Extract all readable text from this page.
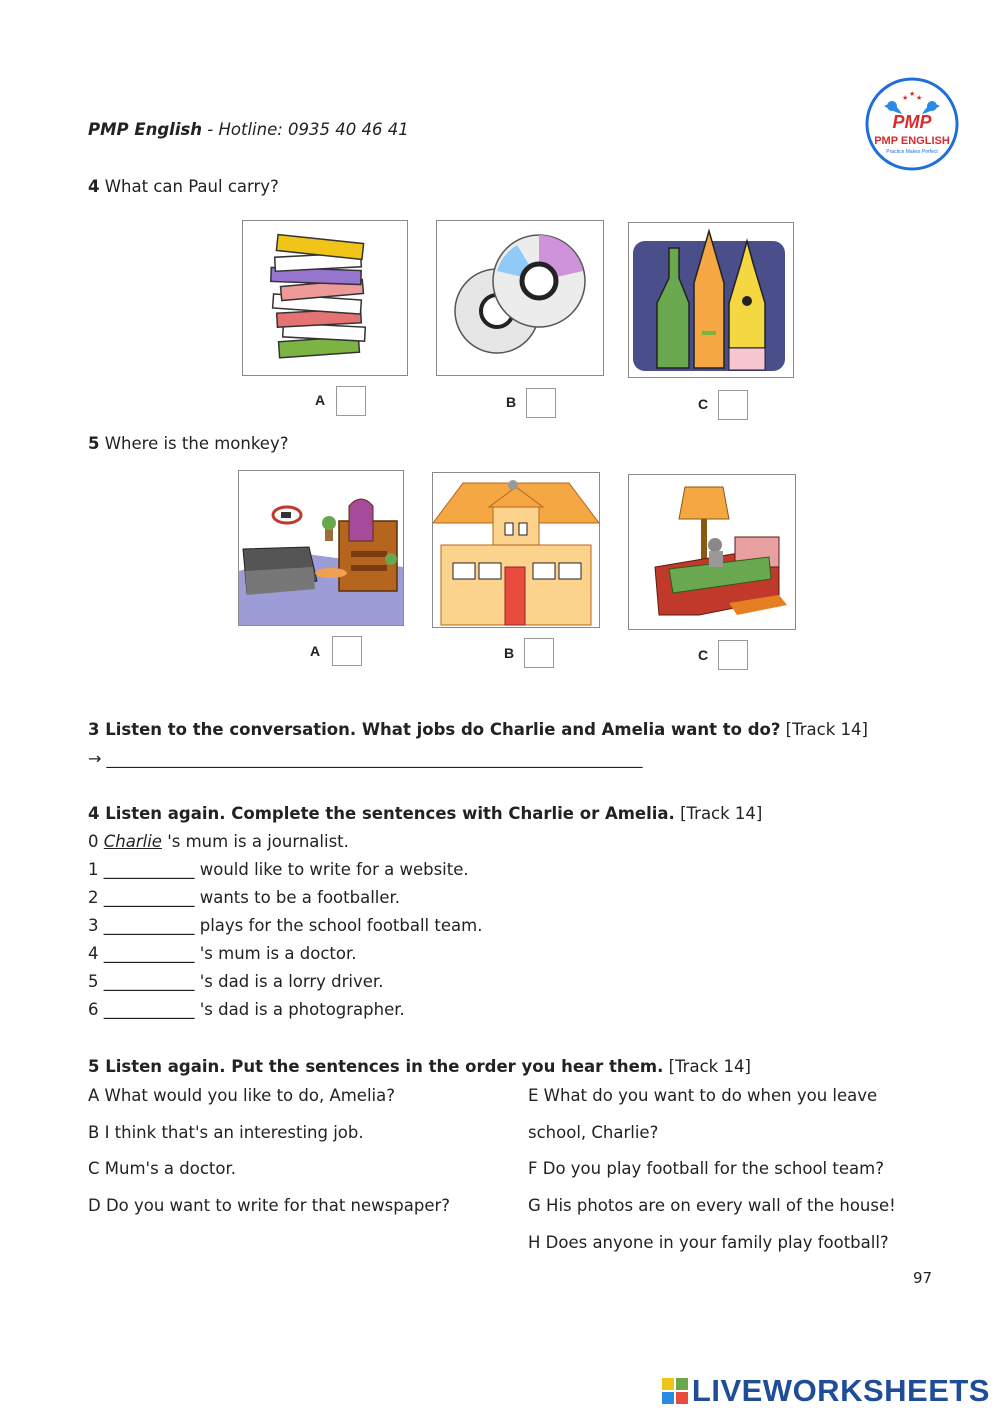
PMP English - Hotline: 0935 40 46 41
★ ★ ★
PMP
PMP ENGLISH
Practice Makes Perfect
4 What can Paul carry?
A	B	C
5 Where is the monkey?
A	B	C
3 Listen to the conversation. What jobs do Charlie and Amelia want to do? [Track 14]
→ ___________________________________________________________________
4 Listen again. Complete the sentences with Charlie or Amelia. [Track 14]
0 Charlie 's mum is a journalist.
1 ___________ would like to write for a website.
2 ___________ wants to be a footballer.
3 ___________ plays for the school football team.
4 ___________ 's mum is a doctor.
5 ___________ 's dad is a lorry driver.
6 ___________ 's dad is a photographer.
5 Listen again. Put the sentences in the order you hear them. [Track 14]
A What would you like to do, Amelia?
B I think that's an interesting job.
C Mum's a doctor.
D Do you want to write for that newspaper?
E What do you want to do when you leave
school, Charlie?
F Do you play football for the school team?
G His photos are on every wall of the house!
H Does anyone in your family play football?
97
LIVEWORKSHEETS
